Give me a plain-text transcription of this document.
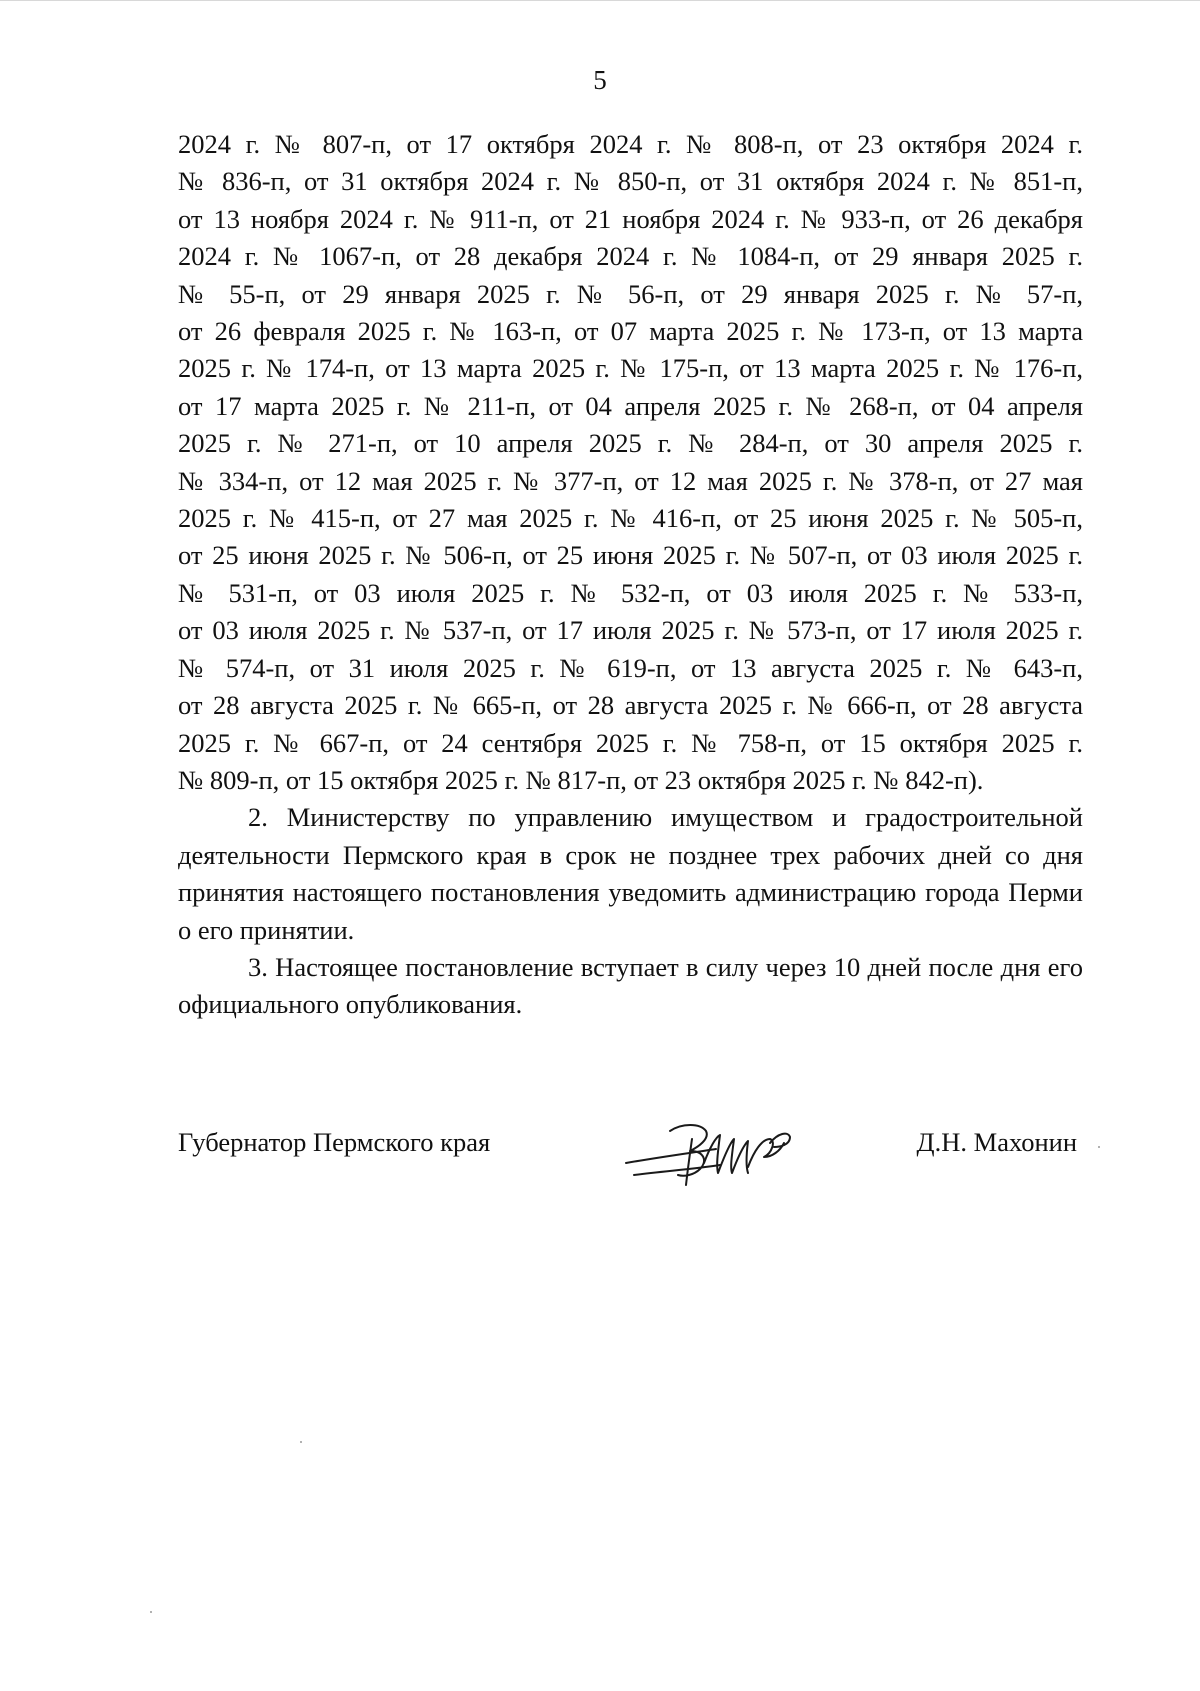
5

2024 г. № 807-п, от 17 октября 2024 г. № 808-п, от 23 октября 2024 г.

№ 836-п, от 31 октября 2024 г. № 850-п, от 31 октября 2024 г. № 851-п,

от 13 ноября 2024 г. № 911-п, от 21 ноября 2024 г. № 933-п, от 26 декабря

2024 г. № 1067-п, от 28 декабря 2024 г. № 1084-п, от 29 января 2025 г.

№ 55-п, от 29 января 2025 г. № 56-п, от 29 января 2025 г. № 57-п,

от 26 февраля 2025 г. № 163-п, от 07 марта 2025 г. № 173-п, от 13 марта

2025 г. № 174-п, от 13 марта 2025 г. № 175-п, от 13 марта 2025 г. № 176-п,

от 17 марта 2025 г. № 211-п, от 04 апреля 2025 г. № 268-п, от 04 апреля

2025 г. № 271-п, от 10 апреля 2025 г. № 284-п, от 30 апреля 2025 г.

№ 334-п, от 12 мая 2025 г. № 377-п, от 12 мая 2025 г. № 378-п, от 27 мая

2025 г. № 415-п, от 27 мая 2025 г. № 416-п, от 25 июня 2025 г. № 505-п,

от 25 июня 2025 г. № 506-п, от 25 июня 2025 г. № 507-п, от 03 июля 2025 г.

№ 531-п, от 03 июля 2025 г. № 532-п, от 03 июля 2025 г. № 533-п,

от 03 июля 2025 г. № 537-п, от 17 июля 2025 г. № 573-п, от 17 июля 2025 г.

№ 574-п, от 31 июля 2025 г. № 619-п, от 13 августа 2025 г. № 643-п,

от 28 августа 2025 г. № 665-п, от 28 августа 2025 г. № 666-п, от 28 августа

2025 г. № 667-п, от 24 сентября 2025 г. № 758-п, от 15 октября 2025 г.

№ 809-п, от 15 октября 2025 г. № 817-п, от 23 октября 2025 г. № 842-п).

2. Министерству по управлению имуществом и градостроительной деятельности Пермского края в срок не позднее трех рабочих дней со дня принятия настоящего постановления уведомить администрацию города Перми о его принятии.

3. Настоящее постановление вступает в силу через 10 дней после дня его официального опубликования.

Губернатор Пермского края	Д.Н. Махонин
